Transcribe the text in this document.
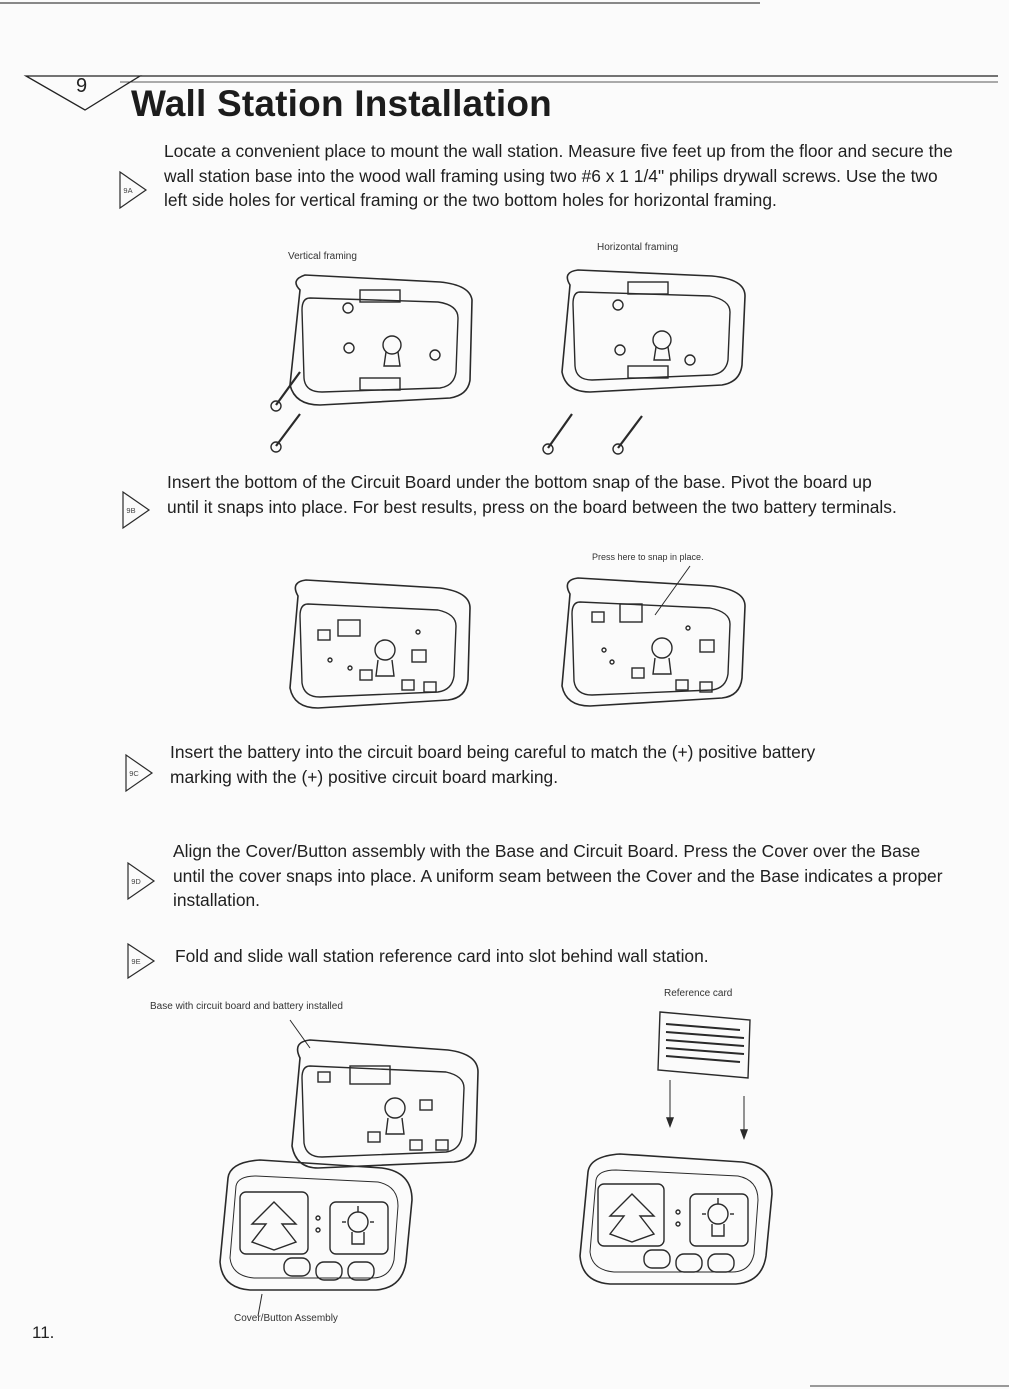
9 Wall Station Installation
9A
9B
9C
9D
9E
Locate a convenient place to mount the wall station. Measure five feet up from the floor and secure the wall station base into the wood wall framing using two #6 x 1 1/4" philips drywall screws. Use the two left side holes for vertical framing or the two bottom holes for horizontal framing.
Insert the bottom of the Circuit Board under the bottom snap of the base. Pivot the board up until it snaps into place. For best results, press on the board between the two battery terminals.
Insert the battery into the circuit board being careful to match the (+) positive battery marking with the (+) positive circuit board marking.
Align the Cover/Button assembly with the Base and Circuit Board. Press the Cover over the Base until the cover snaps into place. A uniform seam between the Cover and the Base indicates a proper installation.
Fold and slide wall station reference card into slot behind wall station.
Vertical framing
Horizontal framing
Press here to snap in place.
Base with circuit board and battery installed
Reference card
Cover/Button Assembly
11.
